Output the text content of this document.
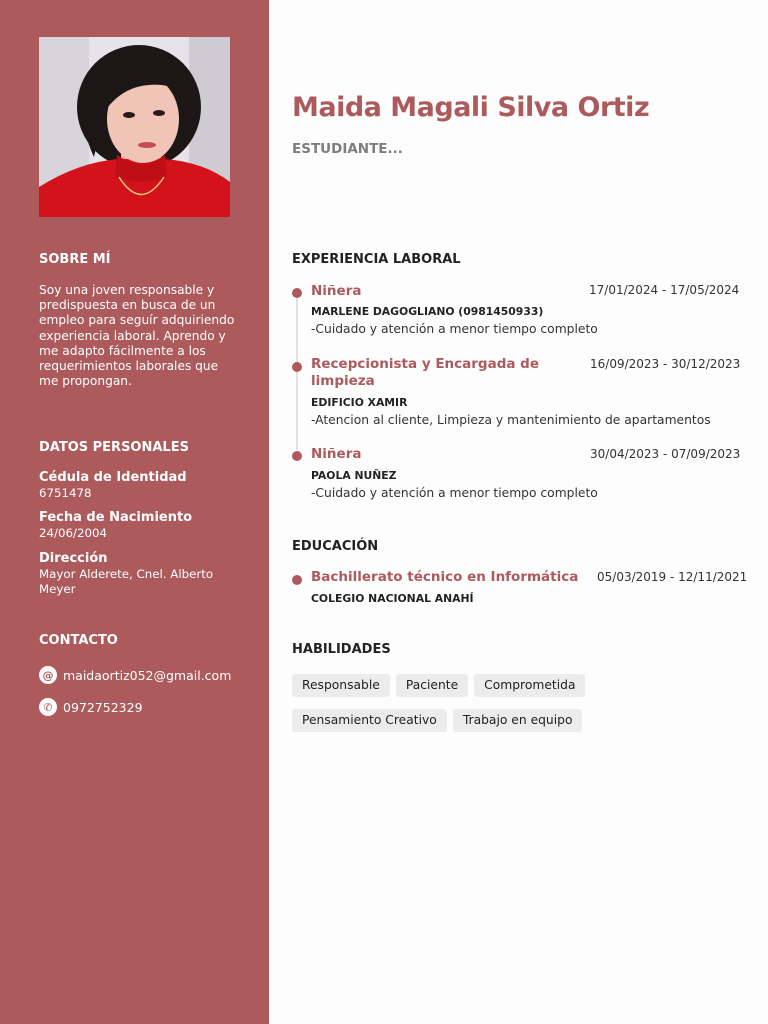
SOBRE MÍ
Soy una joven responsable y predispuesta en busca de un empleo para seguír adquiriendo experiencia laboral. Aprendo y me adapto fácilmente a los requerimientos laborales que me propongan.
DATOS PERSONALES
Cédula de Identidad
6751478
Fecha de Nacimiento
24/06/2004
Dirección
Mayor Alderete, Cnel. Alberto Meyer
CONTACTO
@ maidaortiz052@gmail.com
✆ 0972752329
Maida Magali Silva Ortiz
ESTUDIANTE...
EXPERIENCIA LABORAL
Niñera	17/01/2024 - 17/05/2024
MARLENE DAGOGLIANO (0981450933)
-Cuidado y atención a menor tiempo completo
Recepcionista y Encargada de limpieza
16/09/2023 - 30/12/2023
EDIFICIO XAMIR
-Atencion al cliente, Limpieza y mantenimiento de apartamentos
Niñera	30/04/2023 - 07/09/2023
PAOLA NUÑEZ
-Cuidado y atención a menor tiempo completo
EDUCACIÓN
Bachillerato técnico en Informática 05/03/2019 - 12/11/2021
COLEGIO NACIONAL ANAHÍ
HABILIDADES
Responsable	Paciente	Comprometida
Pensamiento Creativo	Trabajo en equipo
